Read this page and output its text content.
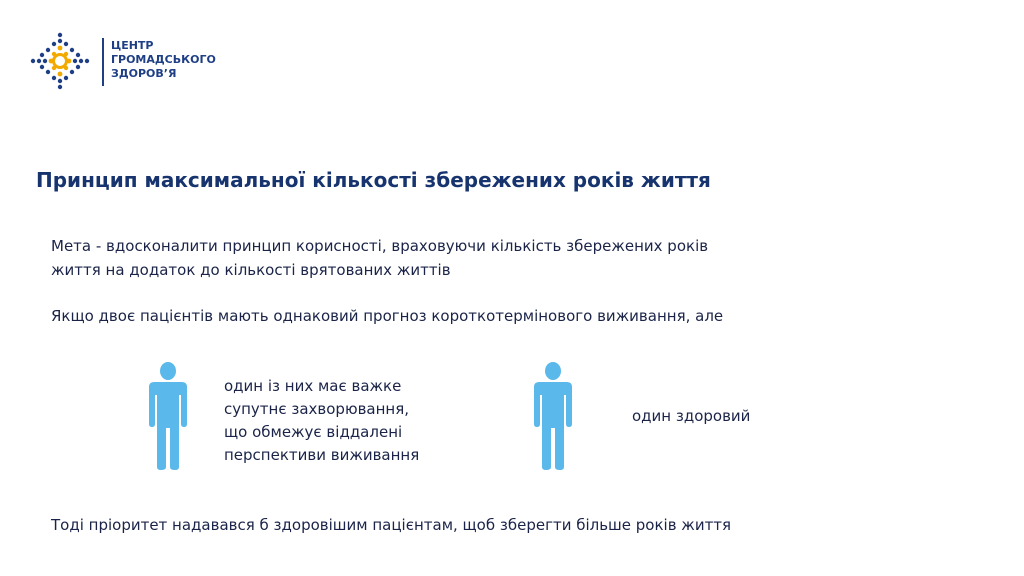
ЦЕНТР
ГРОМАДСЬКОГО
ЗДОРОВ’Я
Принцип максимальної кількості збережених років життя
Мета - вдосконалити принцип корисності, враховуючи кількість збережених років
життя на додаток до кількості врятованих життів
Якщо двоє пацієнтів мають однаковий прогноз короткотермінового виживання, але
один із них має важке
супутнє захворювання,
що обмежує віддалені
перспективи виживання
один здоровий
Тоді пріоритет надавався б здоровішим пацієнтам, щоб зберегти більше років життя
